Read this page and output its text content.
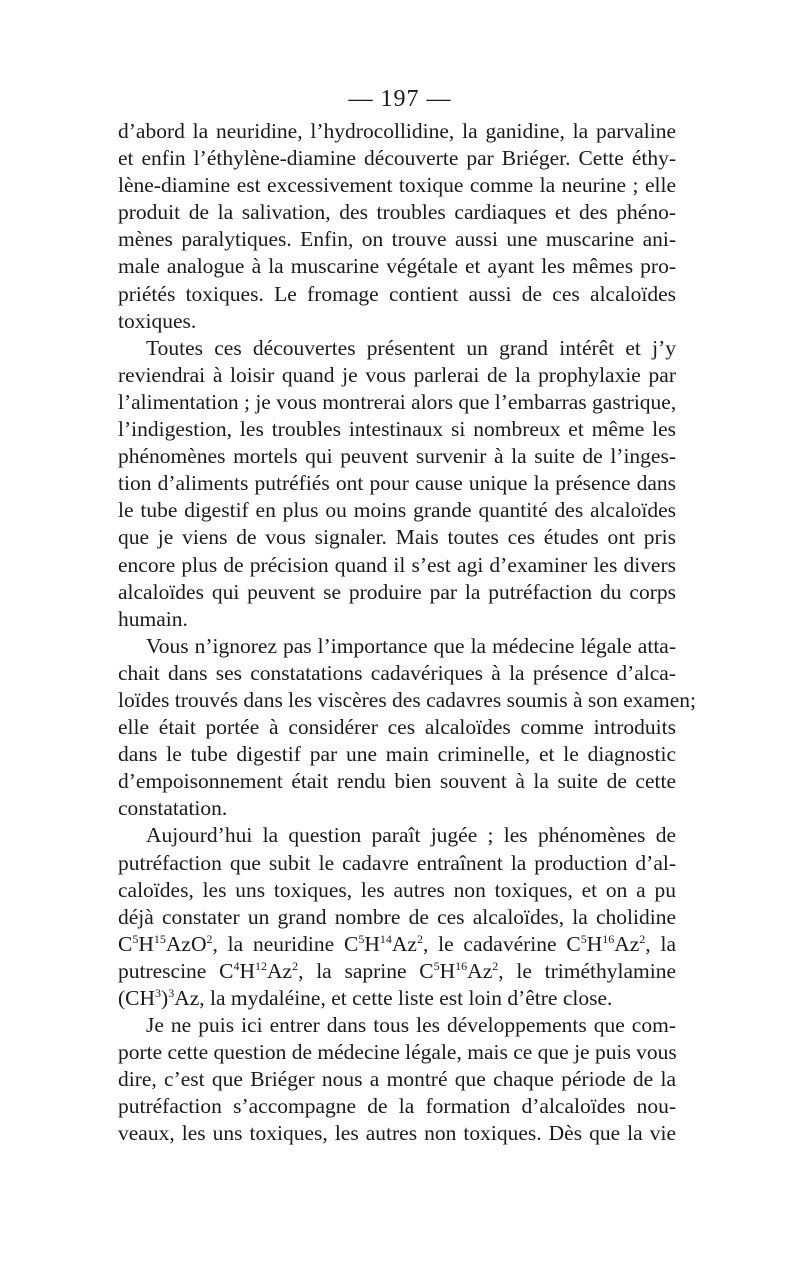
— 197 —
d’abord la neuridine, l’hydrocollidine, la ganidine, la parvaline
et enfin l’éthylène-diamine découverte par Briéger. Cette éthy-
lène-diamine est excessivement toxique comme la neurine ; elle
produit de la salivation, des troubles cardiaques et des phéno-
mènes paralytiques. Enfin, on trouve aussi une muscarine ani-
male analogue à la muscarine végétale et ayant les mêmes pro-
priétés toxiques. Le fromage contient aussi de ces alcaloïdes
toxiques.
Toutes ces découvertes présentent un grand intérêt et j’y
reviendrai à loisir quand je vous parlerai de la prophylaxie par
l’alimentation ; je vous montrerai alors que l’embarras gastrique,
l’indigestion, les troubles intestinaux si nombreux et même les
phénomènes mortels qui peuvent survenir à la suite de l’inges-
tion d’aliments putréfiés ont pour cause unique la présence dans
le tube digestif en plus ou moins grande quantité des alcaloïdes
que je viens de vous signaler. Mais toutes ces études ont pris
encore plus de précision quand il s’est agi d’examiner les divers
alcaloïdes qui peuvent se produire par la putréfaction du corps
humain.
Vous n’ignorez pas l’importance que la médecine légale atta-
chait dans ses constatations cadavériques à la présence d’alca-
loïdes trouvés dans les viscères des cadavres soumis à son examen;
elle était portée à considérer ces alcaloïdes comme introduits
dans le tube digestif par une main criminelle, et le diagnostic
d’empoisonnement était rendu bien souvent à la suite de cette
constatation.
Aujourd’hui la question paraît jugée ; les phénomènes de
putréfaction que subit le cadavre entraînent la production d’al-
caloïdes, les uns toxiques, les autres non toxiques, et on a pu
déjà constater un grand nombre de ces alcaloïdes, la cholidine
$C^5H^{15}AzO^2$, la neuridine $C^5H^{14}Az^2$, le cadavérine $C^5H^{16}Az^2$, la
putrescine $C^4H^{12}Az^2$, la saprine $C^5H^{16}Az^2$, le triméthylamine
$(CH^3)^3Az$, la mydaléine, et cette liste est loin d’être close.
Je ne puis ici entrer dans tous les développements que com-
porte cette question de médecine légale, mais ce que je puis vous
dire, c’est que Briéger nous a montré que chaque période de la
putréfaction s’accompagne de la formation d’alcaloïdes nou-
veaux, les uns toxiques, les autres non toxiques. Dès que la vie
